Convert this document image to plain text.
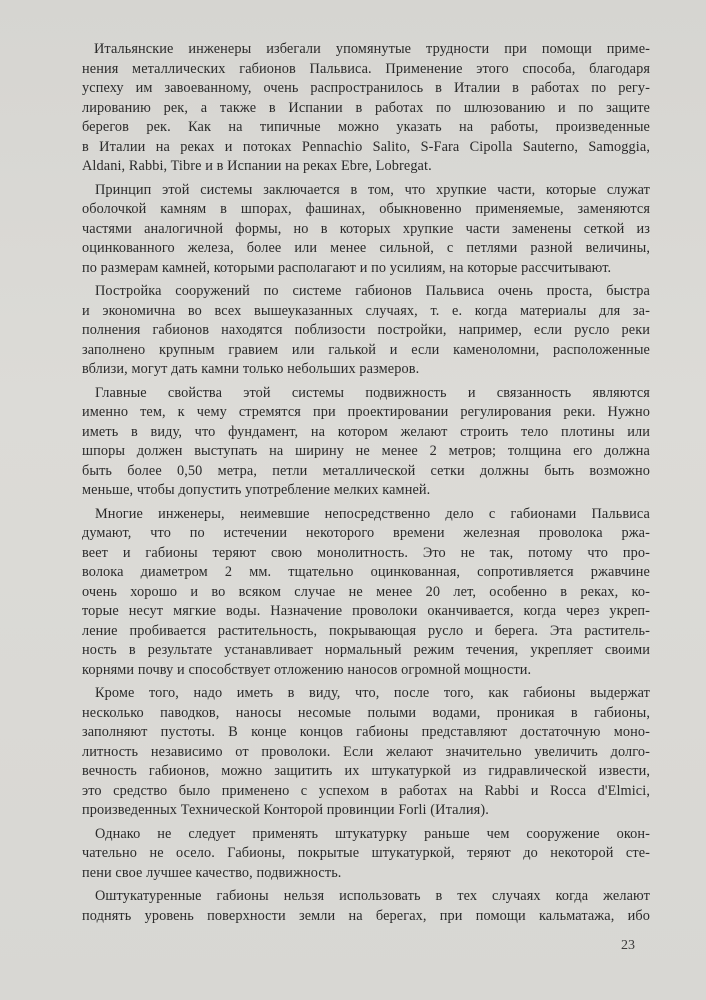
Итальянские инженеры избегали упомянутые трудности при помощи приме-
нения металлических габионов Пальвиса. Применение этого способа, благодаря
успеху им завоеванному, очень распространилось в Италии в работах по регу-
лированию рек, а также в Испании в работах по шлюзованию и по защите
берегов рек. Как на типичные можно указать на работы, произведенные
в Италии на реках и потоках Pennachio Salito, S-Fara Cipolla Sauterno, Samoggia,
Aldani, Rabbi, Tibre и в Испании на реках Ebre, Lobregat.
Принцип этой системы заключается в том, что хрупкие части, которые служат
оболочкой камням в шпорах, фашинах, обыкновенно применяемые, заменяются
частями аналогичной формы, но в которых хрупкие части заменены сеткой из
оцинкованного железа, более или менее сильной, с петлями разной величины,
по размерам камней, которыми располагают и по усилиям, на которые рассчитывают.
Постройка сооружений по системе габионов Пальвиса очень проста, быстра
и экономична во всех вышеуказанных случаях, т. е. когда материалы для за-
полнения габионов находятся поблизости постройки, например, если русло реки
заполнено крупным гравием или галькой и если каменоломни, расположенные
вблизи, могут дать камни только небольших размеров.
Главные свойства этой системы подвижность и связанность являются
именно тем, к чему стремятся при проектировании регулирования реки. Нужно
иметь в виду, что фундамент, на котором желают строить тело плотины или
шпоры должен выступать на ширину не менее 2 метров; толщина его должна
быть более 0,50 метра, петли металлической сетки должны быть возможно
меньше, чтобы допустить употребление мелких камней.
Многие инженеры, неимевшие непосредственно дело с габионами Пальвиса
думают, что по истечении некоторого времени железная проволока ржа-
веет и габионы теряют свою монолитность. Это не так, потому что про-
волока диаметром 2 мм. тщательно оцинкованная, сопротивляется ржавчине
очень хорошо и во всяком случае не менее 20 лет, особенно в реках, ко-
торые несут мягкие воды. Назначение проволоки оканчивается, когда через укреп-
ление пробивается растительность, покрывающая русло и берега. Эта раститель-
ность в результате устанавливает нормальный режим течения, укрепляет своими
корнями почву и способствует отложению наносов огромной мощности.
Кроме того, надо иметь в виду, что, после того, как габионы выдержат
несколько паводков, наносы несомые полыми водами, проникая в габионы,
заполняют пустоты. В конце концов габионы представляют достаточную моно-
литность независимо от проволоки. Если желают значительно увеличить долго-
вечность габионов, можно защитить их штукатуркой из гидравлической извести,
это средство было применено с успехом в работах на Rabbi и Rocca d'Elmici,
произведенных Технической Конторой провинции Forli (Италия).
Однако не следует применять штукатурку раньше чем сооружение окон-
чательно не осело. Габионы, покрытые штукатуркой, теряют до некоторой сте-
пени свое лучшее качество, подвижность.
Оштукатуренные габионы нельзя использовать в тех случаях когда желают
поднять уровень поверхности земли на берегах, при помощи кальматажа, ибо
23
